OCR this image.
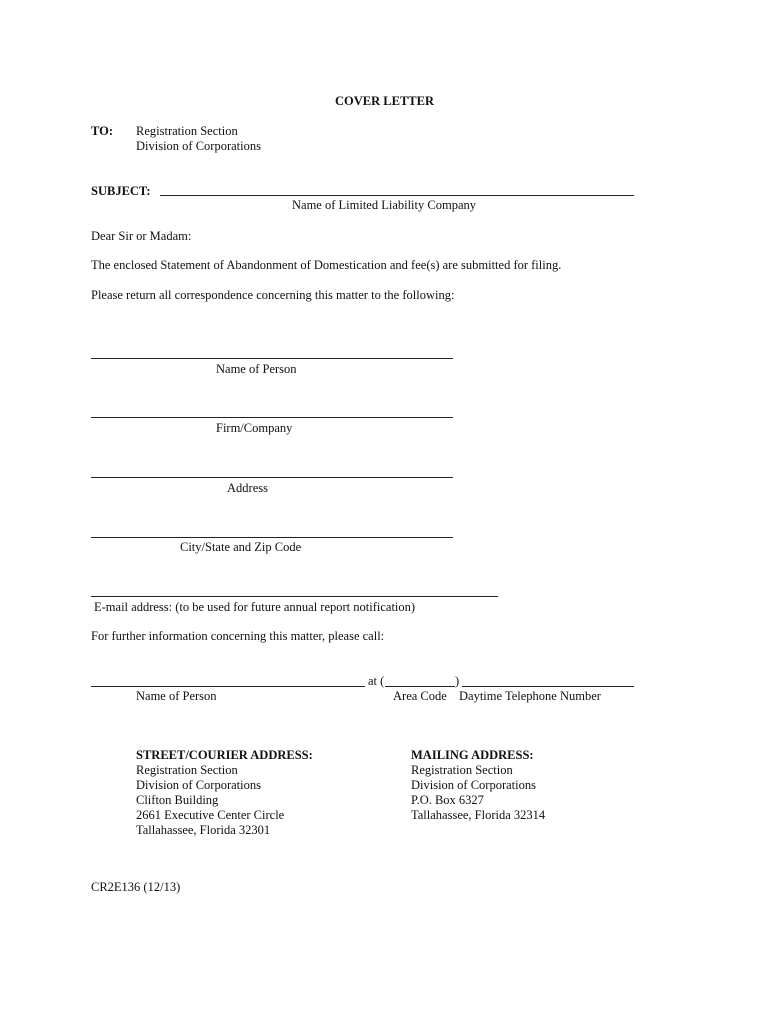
COVER LETTER
TO: Registration Section
Division of Corporations
SUBJECT:
Name of Limited Liability Company
Dear Sir or Madam:
The enclosed Statement of Abandonment of Domestication and fee(s) are submitted for filing.
Please return all correspondence concerning this matter to the following:
Name of Person
Firm/Company
Address
City/State and Zip Code
E-mail address: (to be used for future annual report notification)
For further information concerning this matter, please call:
at (	)
Name of Person	Area Code Daytime Telephone Number
STREET/COURIER ADDRESS:
Registration Section
Division of Corporations
Clifton Building
2661 Executive Center Circle
Tallahassee, Florida 32301
MAILING ADDRESS:
Registration Section
Division of Corporations
P.O. Box 6327
Tallahassee, Florida 32314
CR2E136 (12/13)
